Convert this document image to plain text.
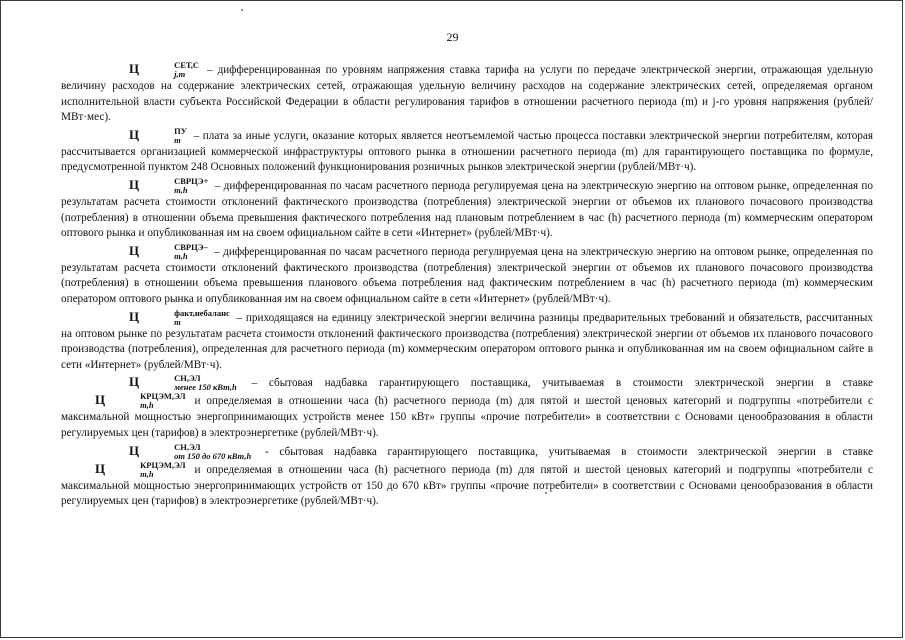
29

Ц	СЕТ,С
j,m	– дифференцированная по уровням напряжения ставка тарифа на услуги по передаче электрической энергии, отражающая удельную величину расходов на содержание электрических сетей, отражающая удельную величину расходов на содержание электрических сетей, определяемая органом исполнительной власти субъекта Российской Федерации в области регулирования тарифов в отношении расчетного периода (m) и j-го уровня напряжения (рублей/МВт·мес).

Ц	ПУ
m – плата за иные услуги, оказание которых является неотъемлемой частью процесса поставки электрической энергии потребителям, которая рассчитывается организацией коммерческой инфраструктуры оптового рынка в отношении расчетного периода (m) для гарантирующего поставщика по формуле, предусмотренной пунктом 248 Основных положений функционирования розничных рынков электрической энергии (рублей/МВт·ч).

Ц	СВРЦЭ+
m,h	– дифференцированная по часам расчетного периода регулируемая цена на электрическую энергию на оптовом рынке, определенная по результатам расчета стоимости отклонений фактического производства (потребления) электрической энергии от объемов их планового почасового производства (потребления) в отношении объема превышения фактического потребления над плановым потреблением в час (h) расчетного периода (m) коммерческим оператором оптового рынка и опубликованная им на своем официальном сайте в сети «Интернет» (рублей/МВт·ч).

Ц	СВРЦЭ–
m,h	– дифференцированная по часам расчетного периода регулируемая цена на электрическую энергию на оптовом рынке, определенная по результатам расчета стоимости отклонений фактического производства (потребления) электрической энергии от объемов их планового почасового производства (потребления) в отношении объема превышения планового объема потребления над фактическим потреблением в час (h) расчетного периода (m) коммерческим оператором оптового рынка и опубликованная им на своем официальном сайте в сети «Интернет» (рублей/МВт·ч).

Ц	факт,небаланс
m	– приходящаяся на единицу электрической энергии величина разницы предварительных требований и обязательств, рассчитанных на оптовом рынке по результатам расчета стоимости отклонений фактического производства (потребления) электрической энергии от объемов их планового почасового производства (потребления), определенная для расчетного периода (m) коммерческим оператором оптового рынка и опубликованная им на своем официальном сайте в сети «Интернет» (рублей/МВт·ч).

Ц	СН,ЭЛ
менее 150 кВт,h – сбытовая надбавка гарантирующего поставщика, учитываемая в стоимости электрической энергии в ставке Ц	КРЦЭМ,ЭЛ
m,h	и определяемая в отношении часа (h) расчетного периода (m) для пятой и шестой ценовых категорий и подгруппы «потребители с максимальной мощностью энергопринимающих устройств менее 150 кВт» группы «прочие потребители» в соответствии с Основами ценообразования в области регулируемых цен (тарифов) в электроэнергетике (рублей/МВт·ч).

Ц	СН,ЭЛ
от 150 до 670 кВт,h - сбытовая надбавка гарантирующего поставщика, учитываемая в стоимости электрической энергии в ставке Ц	КРЦЭМ,ЭЛ
m,h	и определяемая в отношении часа (h) расчетного периода (m) для пятой и шестой ценовых категорий и подгруппы «потребители с максимальной мощностью энергопринимающих устройств от 150 до 670 кВт» группы «прочие потребители» в соответствии с Основами ценообразования в области регулируемых цен (тарифов) в электроэнергетике (рублей/МВт·ч).
